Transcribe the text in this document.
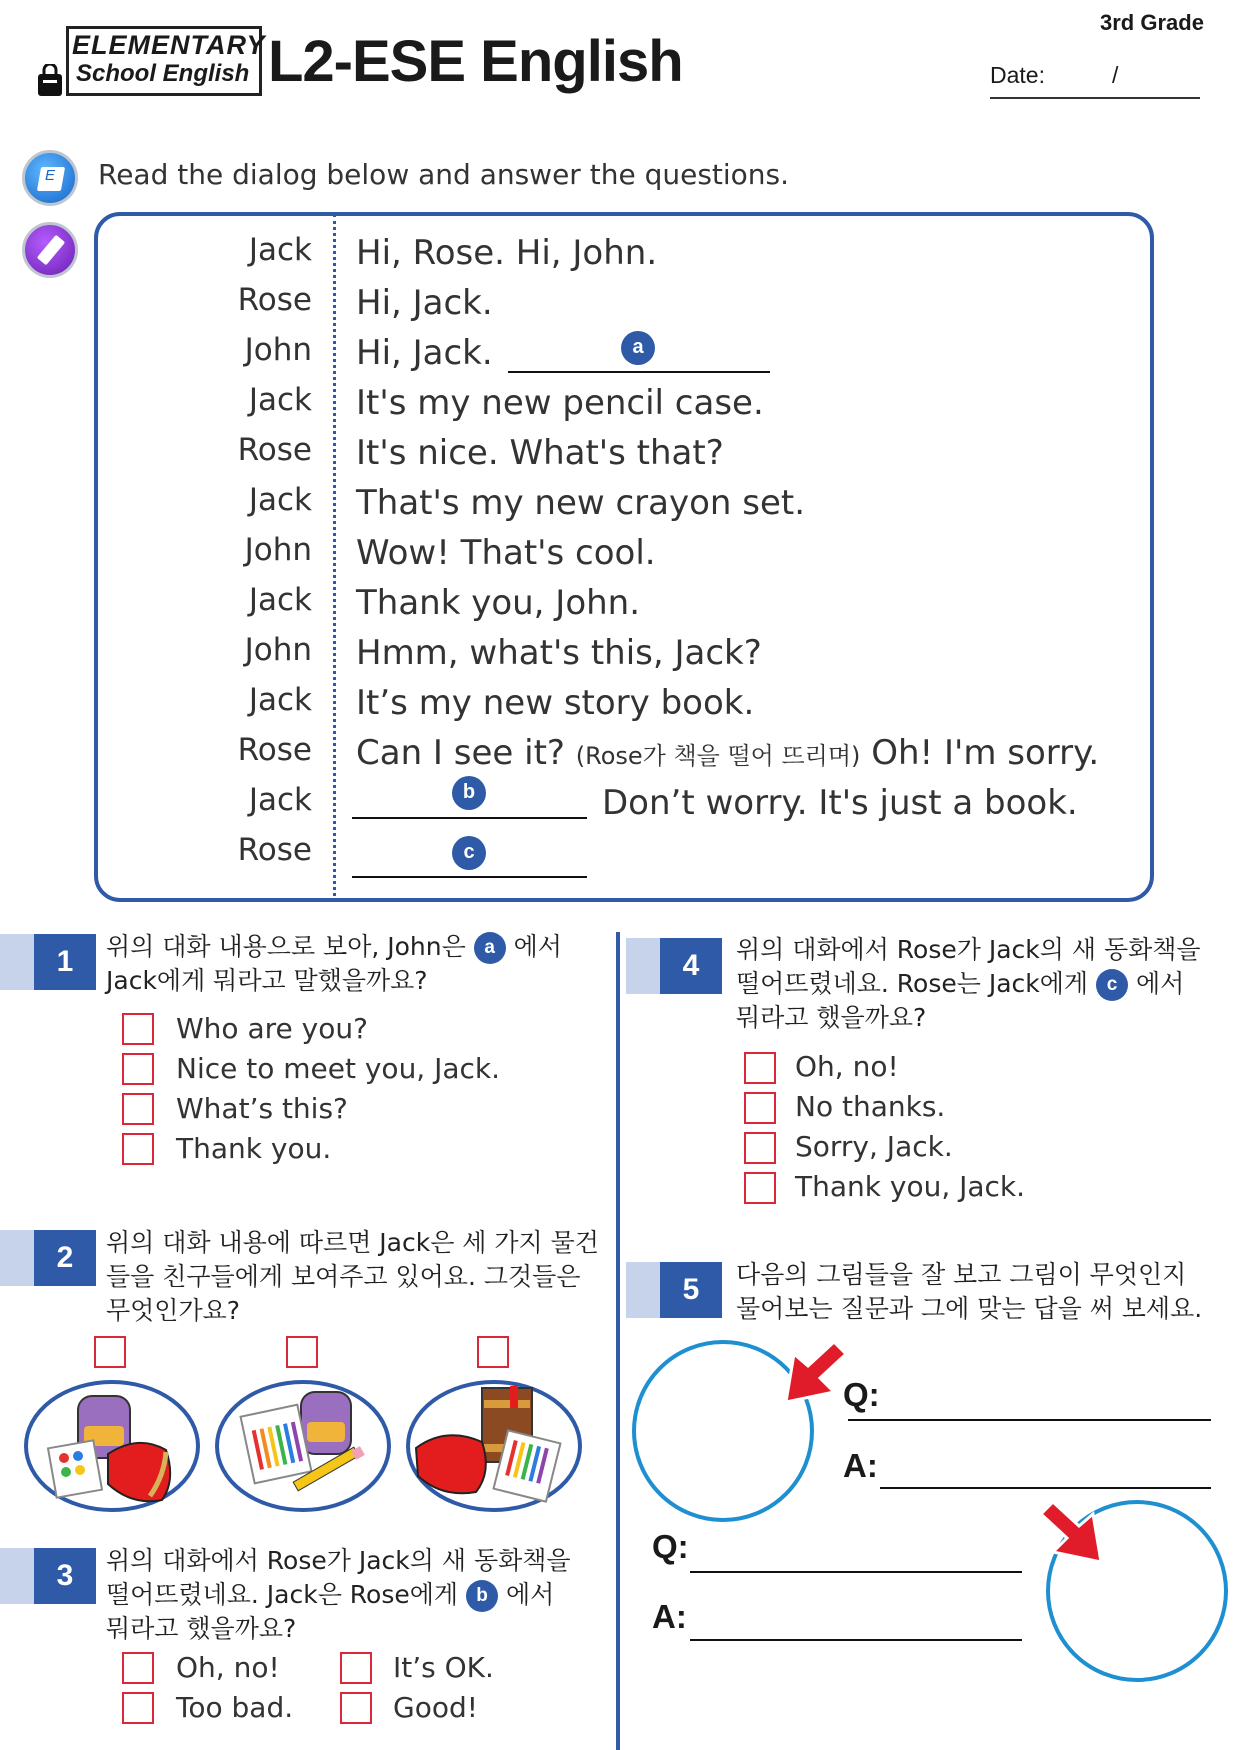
ELEMENTARY
School English L2-ESE English
3rd Grade
Date:	/
E Read the dialog below and answer the questions.
Jack Hi, Rose. Hi, John.
Rose Hi, Jack.
John Hi, Jack.	a
Jack It's my new pencil case.
Rose It's nice. What's that?
Jack That's my new crayon set.
John Wow! That's cool.
Jack Thank you, John.
John Hmm, what's this, Jack?
Jack It’s my new story book.
Rose Can I see it? (Rose가 책을 떨어 뜨리며) Oh! I'm sorry.
Jack	b	Don’t worry. It's just a book.
Rose	c
1	위의 대화 내용으로 보아, John은 a 에서
Jack에게 뭐라고 말했을까요?
Who are you?
Nice to meet you, Jack.
What’s this?
Thank you.
2	위의 대화 내용에 따르면 Jack은 세 가지 물건
들을 친구들에게 보여주고 있어요. 그것들은
무엇인가요?
3	위의 대화에서 Rose가 Jack의 새 동화책을
떨어뜨렸네요. Jack은 Rose에게 b 에서
뭐라고 했을까요?
Oh, no!	It’s OK.
Too bad.	Good!
4	위의 대화에서 Rose가 Jack의 새 동화책을
떨어뜨렸네요. Rose는 Jack에게 c 에서
뭐라고 했을까요?
Oh, no!
No thanks.
Sorry, Jack.
Thank you, Jack.
5	다음의 그림들을 잘 보고 그림이 무엇인지
물어보는 질문과 그에 맞는 답을 써 보세요.
Q:
A:
Q:
A:
